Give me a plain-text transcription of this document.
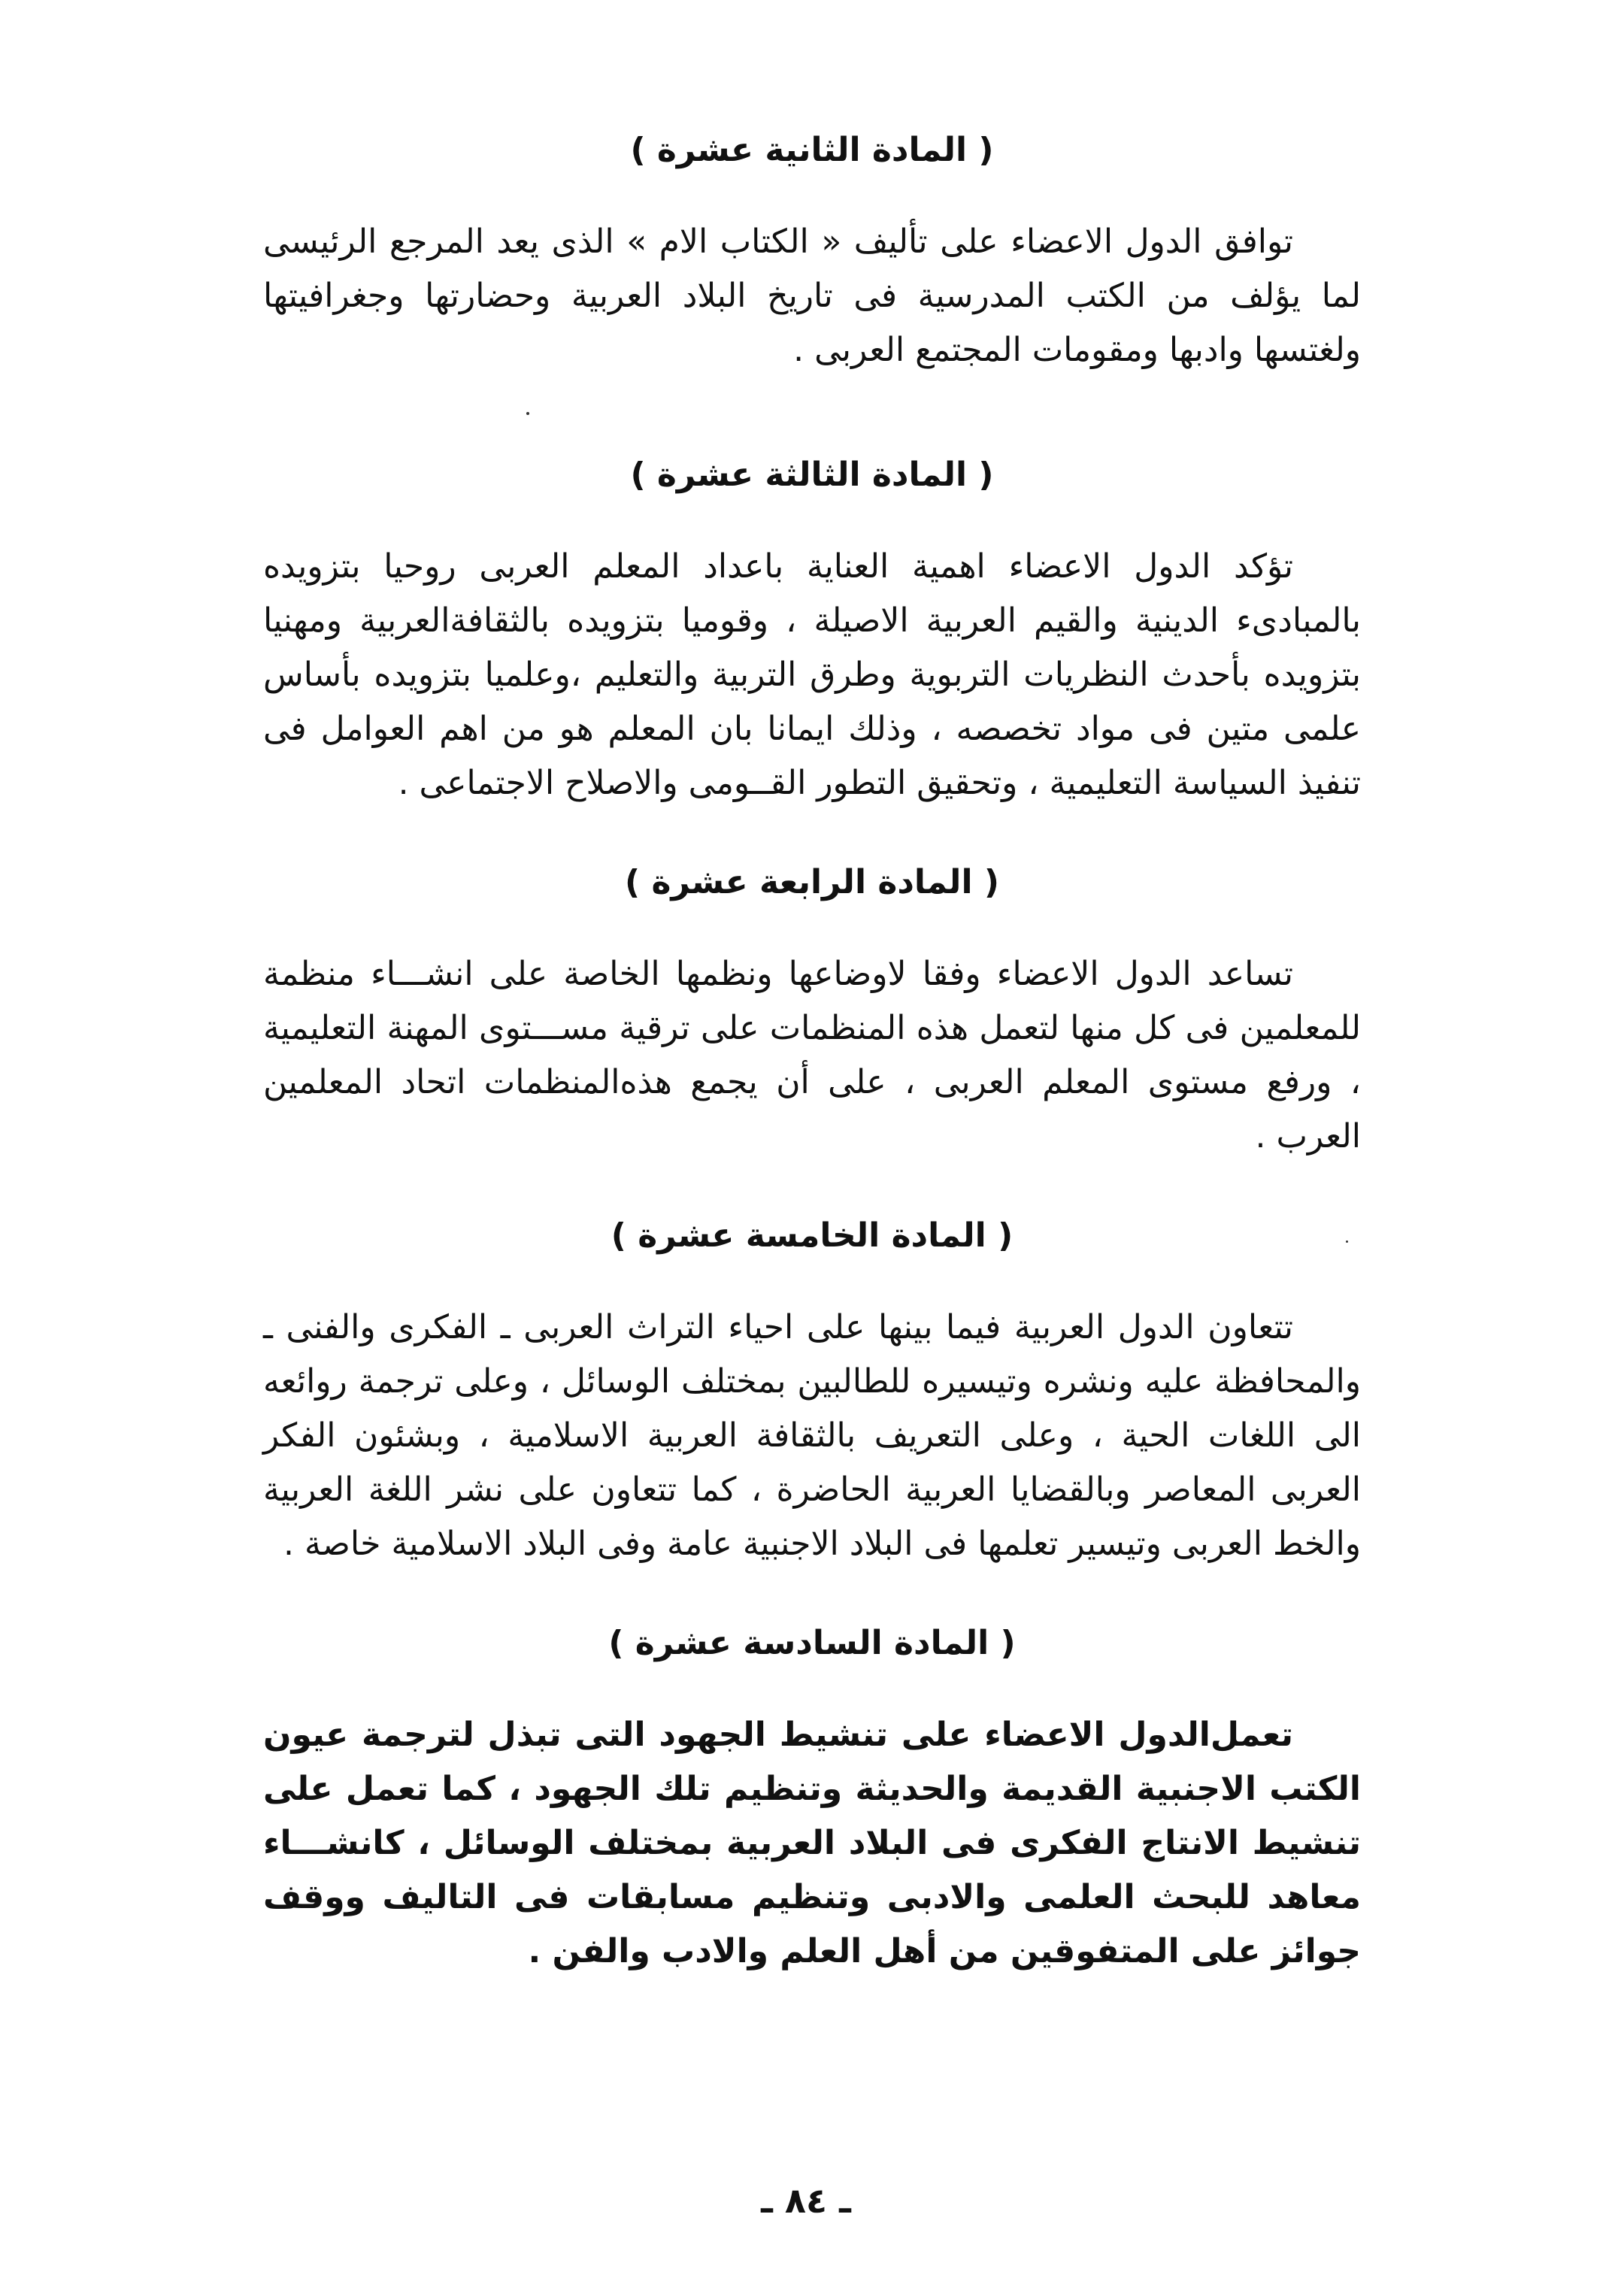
( المادة الثانية عشرة )

توافق الدول الاعضاء على تأليف « الكتاب الام » الذى يعد المرجع الرئيسى لما يؤلف من الكتب المدرسية فى تاريخ البلاد العربية وحضارتها وجغرافيتها ولغتسها وادبها ومقومات المجتمع العربى .

( المادة الثالثة عشرة )

تؤكد الدول الاعضاء اهمية العناية باعداد المعلم العربى روحيا بتزويده بالمبادىء الدينية والقيم العربية الاصيلة ، وقوميا بتزويده بالثقافةالعربية ومهنيا بتزويده بأحدث النظريات التربوية وطرق التربية والتعليم ،وعلميا بتزويده بأساس علمى متين فى مواد تخصصه ، وذلك ايمانا بان المعلم هو من اهم العوامل فى تنفيذ السياسة التعليمية ، وتحقيق التطور القــومى والاصلاح الاجتماعى .

( المادة الرابعة عشرة )

تساعد الدول الاعضاء وفقا لاوضاعها ونظمها الخاصة على انشـــاء منظمة للمعلمين فى كل منها لتعمل هذه المنظمات على ترقية مســـتوى المهنة التعليمية ، ورفع مستوى المعلم العربى ، على أن يجمع هذه‌المنظمات اتحاد المعلمين العرب .

( المادة الخامسة عشرة )

تتعاون الدول العربية فيما بينها على احياء التراث العربى ـ الفكرى والفنى ـ والمحافظة عليه ونشره وتيسيره للطالبين بمختلف الوسائل ، وعلى ترجمة روائعه الى اللغات الحية ، وعلى التعريف بالثقافة العربية الاسلامية ، وبشئون الفكر العربى المعاصر وبالقضايا العربية الحاضرة ، كما تتعاون على نشر اللغة العربية والخط العربى وتيسير تعلمها فى البلاد الاجنبية عامة وفى البلاد الاسلامية خاصة .

( المادة السادسة عشرة )

تعمل‌الدول الاعضاء على تنشيط الجهود التى تبذل لترجمة عيون الكتب الاجنبية القديمة والحديثة وتنظيم تلك الجهود ، كما تعمل على تنشيط الانتاج الفكرى فى البلاد العربية بمختلف الوسائل ، كانشـــاء معاهد للبحث العلمى والادبى وتنظيم مسابقات فى التاليف ووقف جوائز على المتفوقين من أهل العلم والادب والفن .

ـ ٨٤ ـ
